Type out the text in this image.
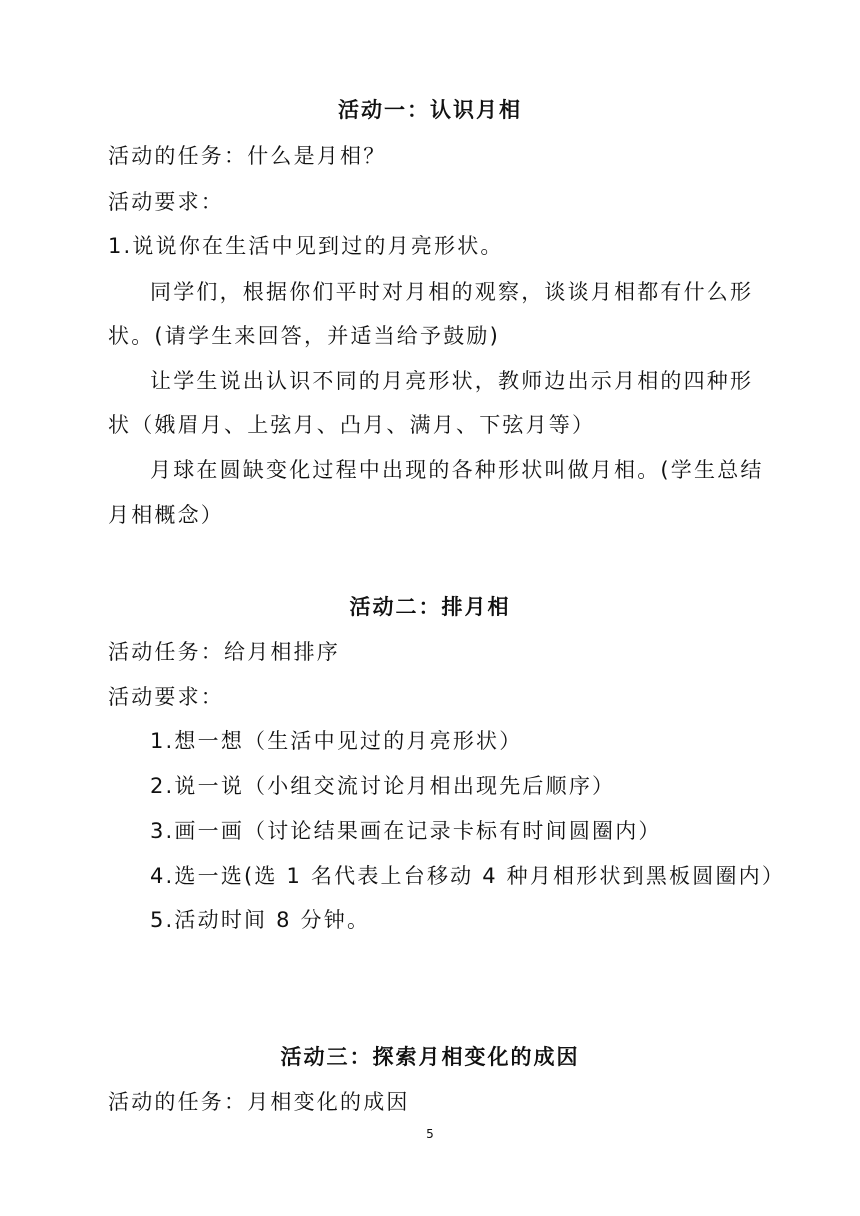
活动一：认识月相
活动的任务：什么是月相？
活动要求：
1.说说你在生活中见到过的月亮形状。
同学们，根据你们平时对月相的观察，谈谈月相都有什么形
状。(请学生来回答，并适当给予鼓励)
让学生说出认识不同的月亮形状，教师边出示月相的四种形
状（娥眉月、上弦月、凸月、满月、下弦月等）
月球在圆缺变化过程中出现的各种形状叫做月相。(学生总结
月相概念）
活动二：排月相
活动任务：给月相排序
活动要求：
1.想一想（生活中见过的月亮形状）
2.说一说（小组交流讨论月相出现先后顺序）
3.画一画（讨论结果画在记录卡标有时间圆圈内）
4.选一选(选 1 名代表上台移动 4 种月相形状到黑板圆圈内）
5.活动时间 8 分钟。
活动三：探索月相变化的成因
活动的任务：月相变化的成因
5
